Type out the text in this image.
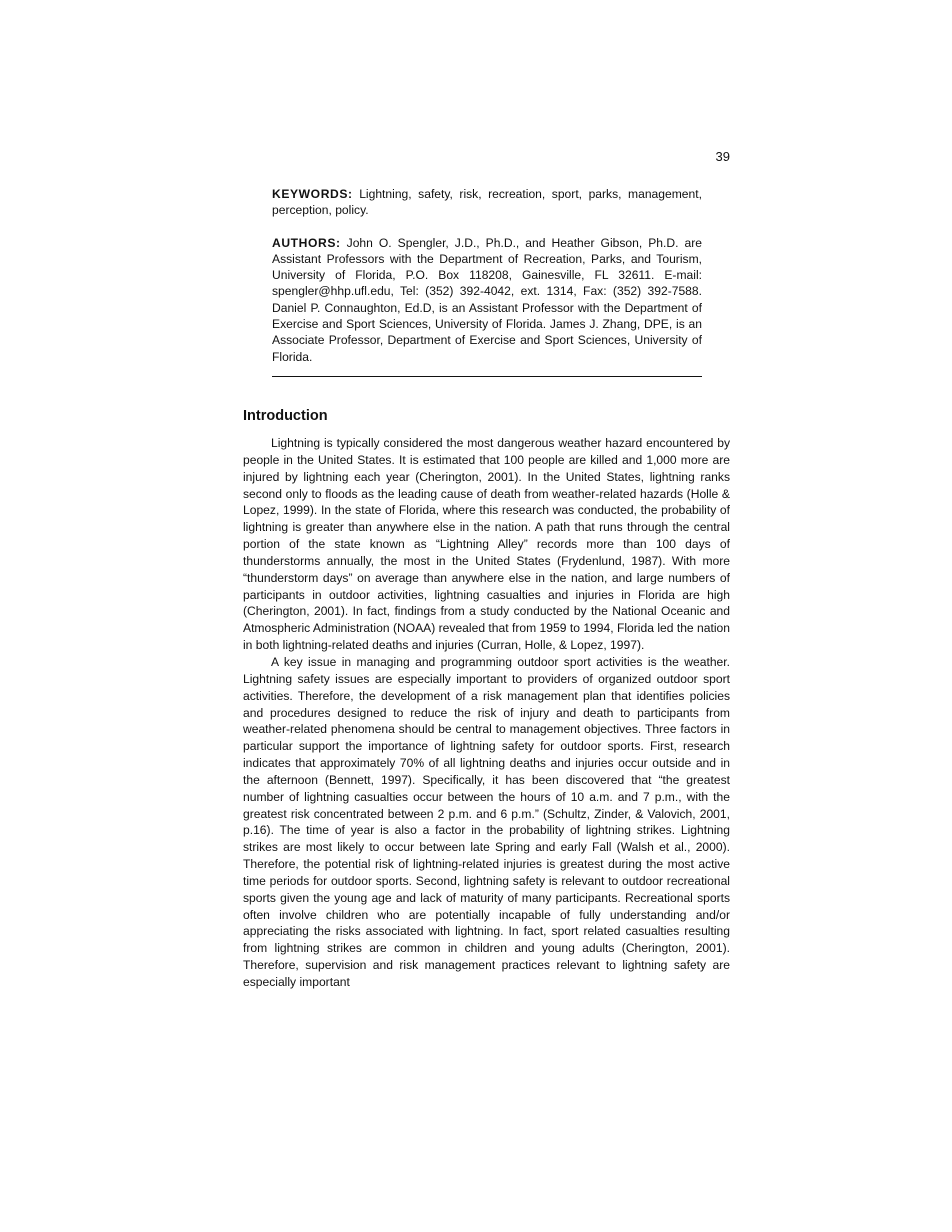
39

KEYWORDS: Lightning, safety, risk, recreation, sport, parks, management, perception, policy.

AUTHORS: John O. Spengler, J.D., Ph.D., and Heather Gibson, Ph.D. are Assistant Professors with the Department of Recreation, Parks, and Tourism, University of Florida, P.O. Box 118208, Gainesville, FL 32611. E-mail: spengler@hhp.ufl.edu, Tel: (352) 392-4042, ext. 1314, Fax: (352) 392-7588. Daniel P. Connaughton, Ed.D, is an Assistant Professor with the Department of Exercise and Sport Sciences, University of Florida. James J. Zhang, DPE, is an Associate Professor, Department of Exercise and Sport Sciences, University of Florida.

Introduction

Lightning is typically considered the most dangerous weather hazard encountered by people in the United States. It is estimated that 100 people are killed and 1,000 more are injured by lightning each year (Cherington, 2001). In the United States, lightning ranks second only to floods as the leading cause of death from weather-related hazards (Holle & Lopez, 1999). In the state of Florida, where this research was conducted, the probability of lightning is greater than anywhere else in the nation. A path that runs through the central portion of the state known as “Lightning Alley” records more than 100 days of thunderstorms annually, the most in the United States (Frydenlund, 1987). With more “thunderstorm days” on average than anywhere else in the nation, and large numbers of participants in outdoor activities, lightning casualties and injuries in Florida are high (Cherington, 2001). In fact, findings from a study conducted by the National Oceanic and Atmospheric Administration (NOAA) revealed that from 1959 to 1994, Florida led the nation in both lightning-related deaths and injuries (Curran, Holle, & Lopez, 1997).

A key issue in managing and programming outdoor sport activities is the weather. Lightning safety issues are especially important to providers of organized outdoor sport activities. Therefore, the development of a risk management plan that identifies policies and procedures designed to reduce the risk of injury and death to participants from weather-related phenomena should be central to management objectives. Three factors in particular support the importance of lightning safety for outdoor sports. First, research indicates that approximately 70% of all lightning deaths and injuries occur outside and in the afternoon (Bennett, 1997). Specifically, it has been discovered that “the greatest number of lightning casualties occur between the hours of 10 a.m. and 7 p.m., with the greatest risk concentrated between 2 p.m. and 6 p.m.” (Schultz, Zinder, & Valovich, 2001, p.16). The time of year is also a factor in the probability of lightning strikes. Lightning strikes are most likely to occur between late Spring and early Fall (Walsh et al., 2000). Therefore, the potential risk of lightning-related injuries is greatest during the most active time periods for outdoor sports. Second, lightning safety is relevant to outdoor recreational sports given the young age and lack of maturity of many participants. Recreational sports often involve children who are potentially incapable of fully understanding and/or appreciating the risks associated with lightning. In fact, sport related casualties resulting from lightning strikes are common in children and young adults (Cherington, 2001). Therefore, supervision and risk management practices relevant to lightning safety are especially important
